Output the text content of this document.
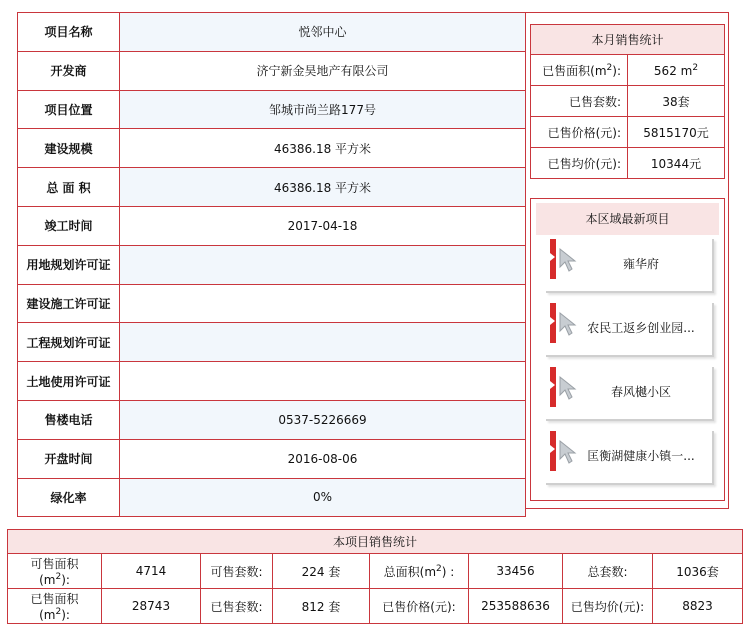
项目名称	悦邻中心
开发商	济宁新金昊地产有限公司
项目位置	邹城市尚兰路177号
建设规模	46386.18 平方米
总 面 积	46386.18 平方米
竣工时间	2017-04-18
用地规划许可证	
建设施工许可证	
工程规划许可证	
土地使用许可证	
售楼电话	0537-5226669
开盘时间	2016-08-06
绿化率	0%
本月销售统计	
已售面积$(m^2)$:	562 $m^2$
已售套数:	38套
已售价格(元):	5815170元
已售均价(元):	10344元
本区域最新项目
雍华府
农民工返乡创业园...
春风樾小区
匡衡湖健康小镇一...
本项目销售统计							
可售面积
$(m^2)$:	4714	可售套数:	224 套	总面积$(m^2)$ :	33456	总套数:	1036套
已售面积
$(m^2)$:	28743	已售套数:	812 套	已售价格(元):	253588636	已售均价(元):	8823
